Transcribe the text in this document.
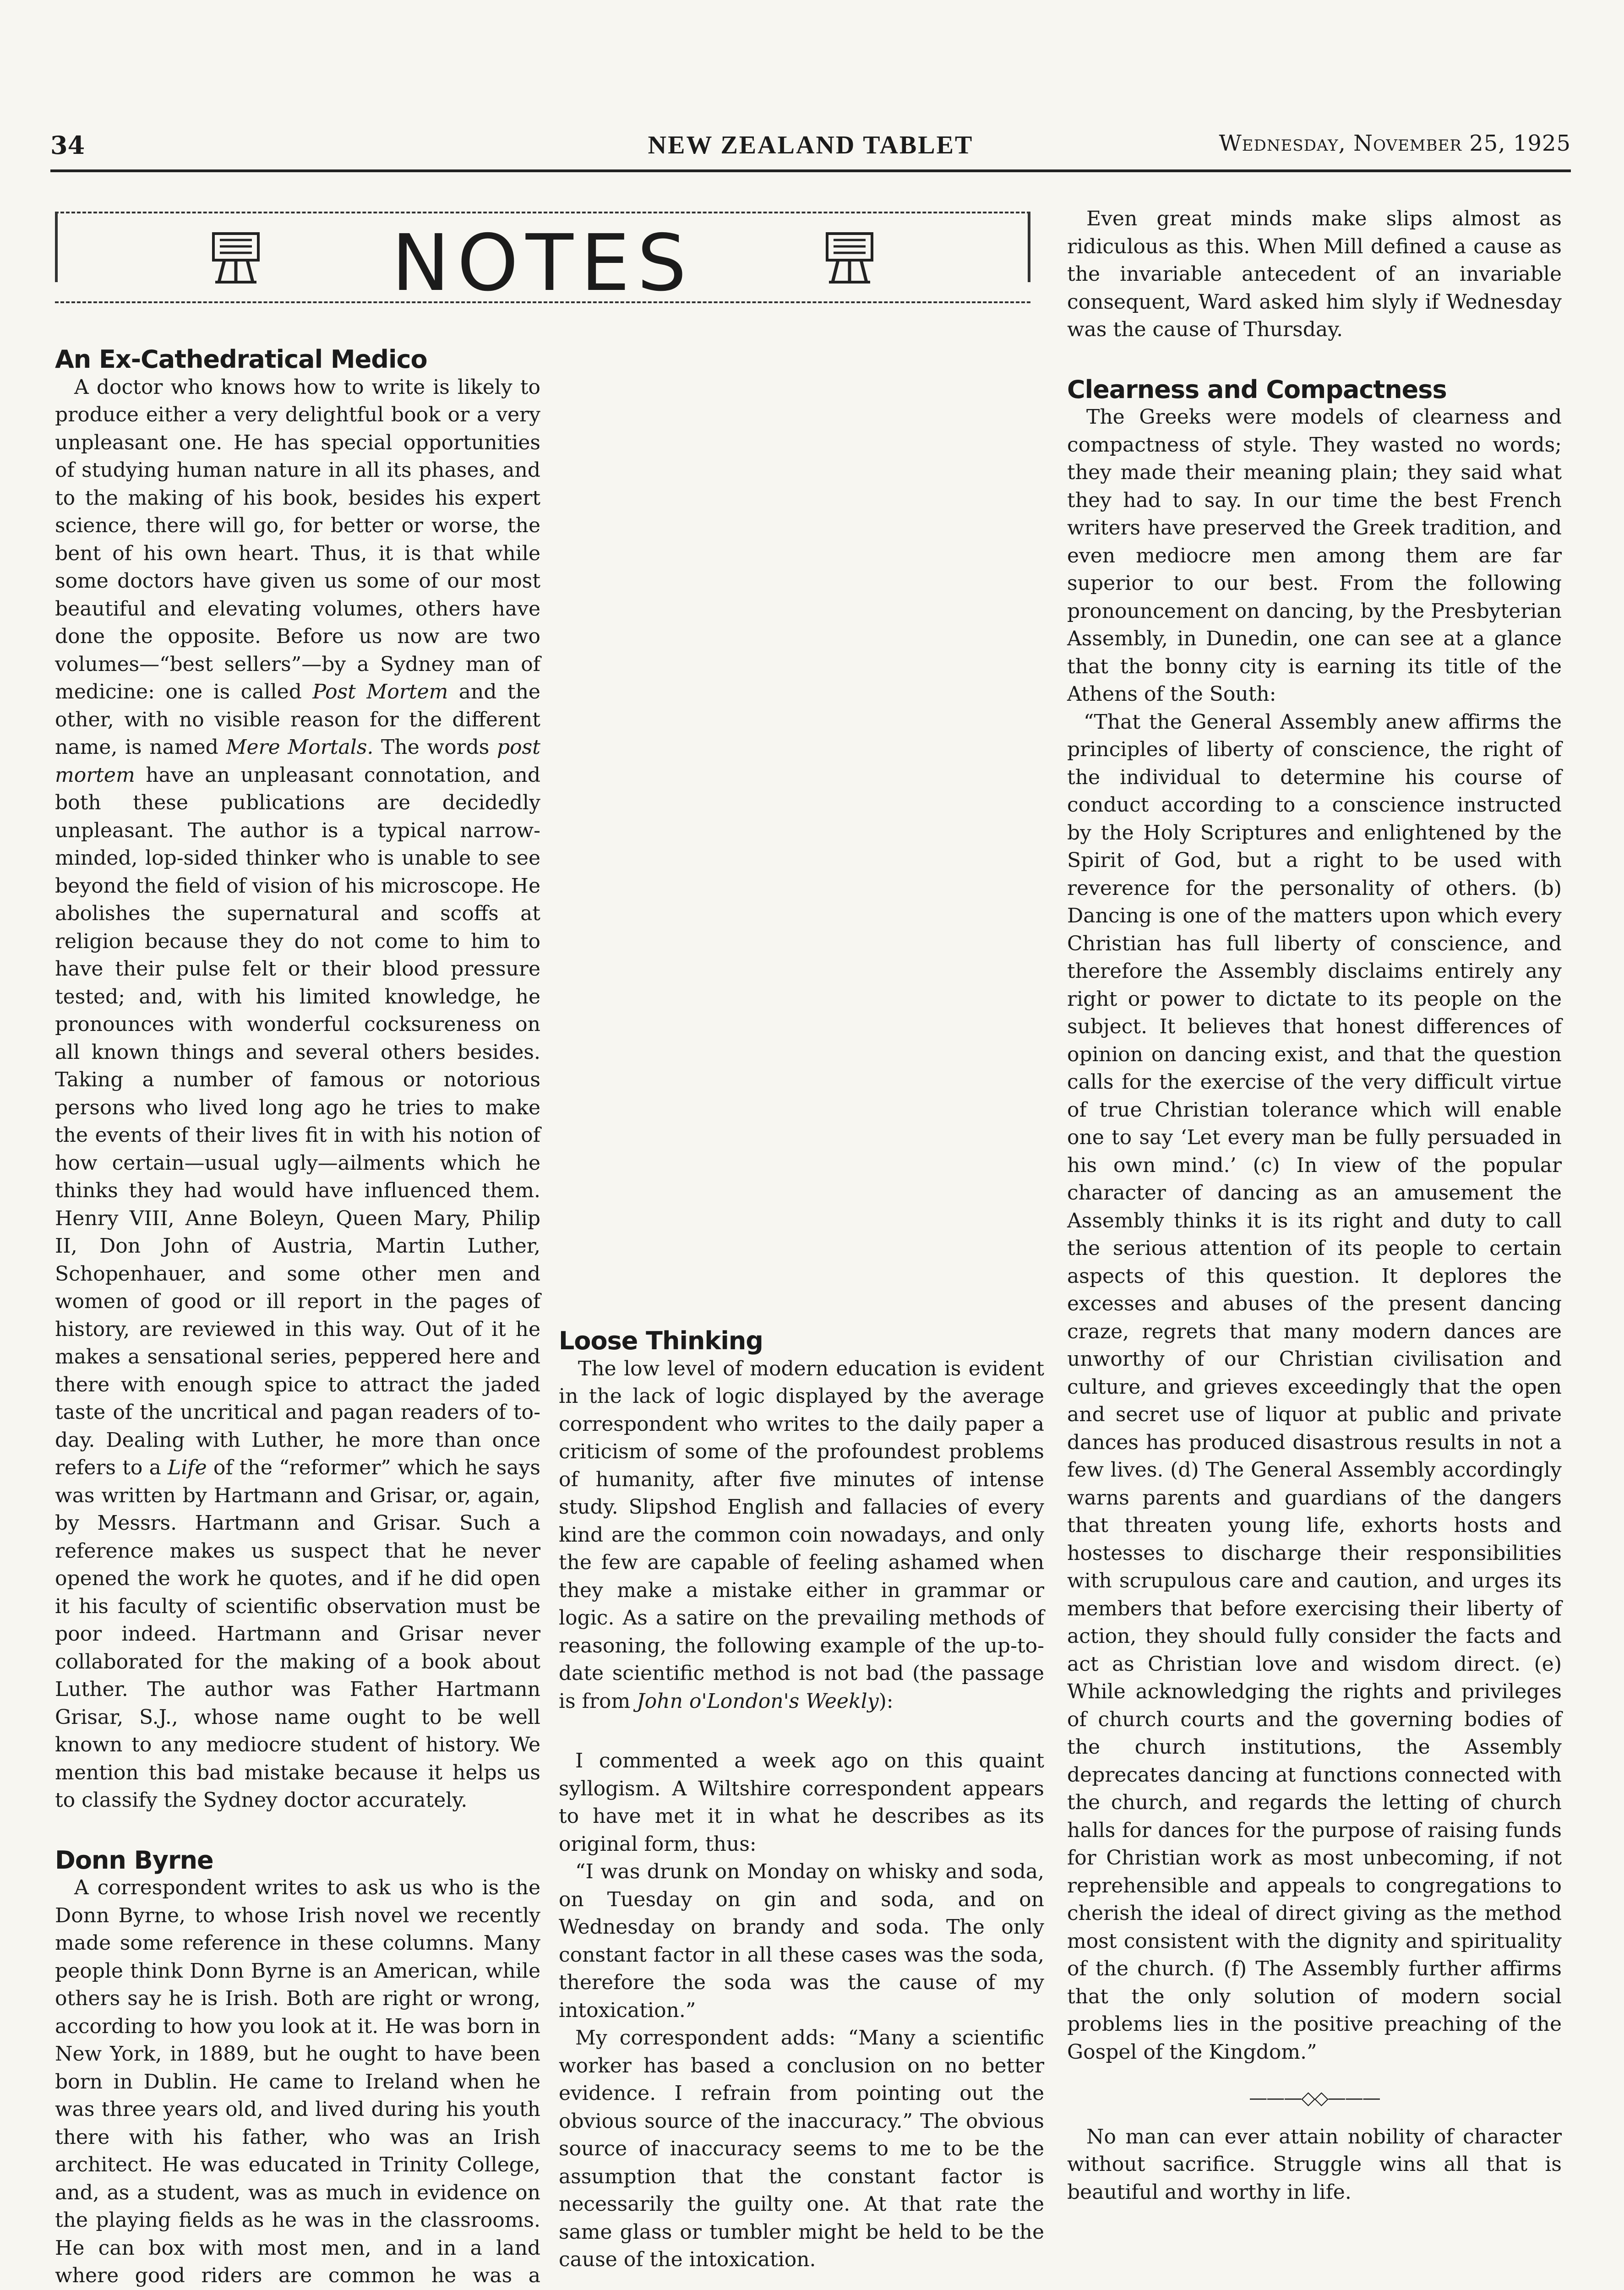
34	NEW ZEALAND TABLET	Wednesday, November 25, 1925
NOTES
An Ex-Cathedratical Medico

A doctor who knows how to write is likely to produce either a very delightful book or a very unpleasant one. He has special opportunities of studying human nature in all its phases, and to the making of his book, besides his expert science, there will go, for better or worse, the bent of his own heart. Thus, it is that while some doctors have given us some of our most beautiful and elevating volumes, others have done the opposite. Before us now are two volumes—“best sellers”—by a Sydney man of medicine: one is called Post Mortem and the other, with no visible reason for the different name, is named Mere Mortals. The words post mortem have an unpleasant connotation, and both these publications are decidedly unpleasant. The author is a typical narrow-minded, lop-sided thinker who is unable to see beyond the field of vision of his microscope. He abolishes the supernatural and scoffs at religion because they do not come to him to have their pulse felt or their blood pressure tested; and, with his limited knowledge, he pronounces with wonderful cocksureness on all known things and several others besides. Taking a number of famous or notorious persons who lived long ago he tries to make the events of their lives fit in with his notion of how certain—usual ugly—ailments which he thinks they had would have influenced them. Henry VIII, Anne Boleyn, Queen Mary, Philip II, Don John of Austria, Martin Luther, Schopenhauer, and some other men and women of good or ill report in the pages of history, are reviewed in this way. Out of it he makes a sensational series, peppered here and there with enough spice to attract the jaded taste of the uncritical and pagan readers of to-day. Dealing with Luther, he more than once refers to a Life of the “reformer” which he says was written by Hartmann and Grisar, or, again, by Messrs. Hartmann and Grisar. Such a reference makes us suspect that he never opened the work he quotes, and if he did open it his faculty of scientific observation must be poor indeed. Hartmann and Grisar never collaborated for the making of a book about Luther. The author was Father Hartmann Grisar, S.J., whose name ought to be well known to any mediocre student of history. We mention this bad mistake because it helps us to classify the Sydney doctor accurately.

Donn Byrne

A correspondent writes to ask us who is the Donn Byrne, to whose Irish novel we recently made some reference in these columns. Many people think Donn Byrne is an American, while others say he is Irish. Both are right or wrong, according to how you look at it. He was born in New York, in 1889, but he ought to have been born in Dublin. He came to Ireland when he was three years old, and lived during his youth there with his father, who was an Irish architect. He was educated in Trinity College, and, as a student, was as much in evidence on the playing fields as he was in the classrooms. He can box with most men, and in a land where good riders are common he was a

Loose Thinking

The low level of modern education is evident in the lack of logic displayed by the average correspondent who writes to the daily paper a criticism of some of the profoundest problems of humanity, after five minutes of intense study. Slipshod English and fallacies of every kind are the common coin nowadays, and only the few are capable of feeling ashamed when they make a mistake either in grammar or logic. As a satire on the prevailing methods of reasoning, the following example of the up-to-date scientific method is not bad (the passage is from John o'London's Weekly):

I commented a week ago on this quaint syllogism. A Wiltshire correspondent appears to have met it in what he describes as its original form, thus:

“I was drunk on Monday on whisky and soda, on Tuesday on gin and soda, and on Wednesday on brandy and soda. The only constant factor in all these cases was the soda, therefore the soda was the cause of my intoxication.”

My correspondent adds: “Many a scientific worker has based a conclusion on no better evidence. I refrain from pointing out the obvious source of the inaccuracy.” The obvious source of inaccuracy seems to me to be the assumption that the constant factor is necessarily the guilty one. At that rate the same glass or tumbler might be held to be the cause of the intoxication.

Even great minds make slips almost as ridiculous as this. When Mill defined a cause as the invariable antecedent of an invariable consequent, Ward asked him slyly if Wednesday was the cause of Thursday.

Clearness and Compactness

The Greeks were models of clearness and compactness of style. They wasted no words; they made their meaning plain; they said what they had to say. In our time the best French writers have preserved the Greek tradition, and even mediocre men among them are far superior to our best. From the following pronouncement on dancing, by the Presbyterian Assembly, in Dunedin, one can see at a glance that the bonny city is earning its title of the Athens of the South:

“That the General Assembly anew affirms the principles of liberty of conscience, the right of the individual to determine his course of conduct according to a conscience instructed by the Holy Scriptures and enlightened by the Spirit of God, but a right to be used with reverence for the personality of others. (b) Dancing is one of the matters upon which every Christian has full liberty of conscience, and therefore the Assembly disclaims entirely any right or power to dictate to its people on the subject. It believes that honest differences of opinion on dancing exist, and that the question calls for the exercise of the very difficult virtue of true Christian tolerance which will enable one to say ‘Let every man be fully persuaded in his own mind.’ (c) In view of the popular character of dancing as an amusement the Assembly thinks it is its right and duty to call the serious attention of its people to certain aspects of this question. It deplores the excesses and abuses of the present dancing craze, regrets that many modern dances are unworthy of our Christian civilisation and culture, and grieves exceedingly that the open and secret use of liquor at public and private dances has produced disastrous results in not a few lives. (d) The General Assembly accordingly warns parents and guardians of the dangers that threaten young life, exhorts hosts and hostesses to discharge their responsibilities with scrupulous care and caution, and urges its members that before exercising their liberty of action, they should fully consider the facts and act as Christian love and wisdom direct. (e) While acknowledging the rights and privileges of church courts and the governing bodies of the church institutions, the Assembly deprecates dancing at functions connected with the church, and regards the letting of church halls for dances for the purpose of raising funds for Christian work as most unbecoming, if not reprehensible and appeals to congregations to cherish the ideal of direct giving as the method most consistent with the dignity and spirituality of the church. (f) The Assembly further affirms that the only solution of modern social problems lies in the positive preaching of the Gospel of the Kingdom.”

———◇◇———

No man can ever attain nobility of character without sacrifice. Struggle wins all that is beautiful and worthy in life.
